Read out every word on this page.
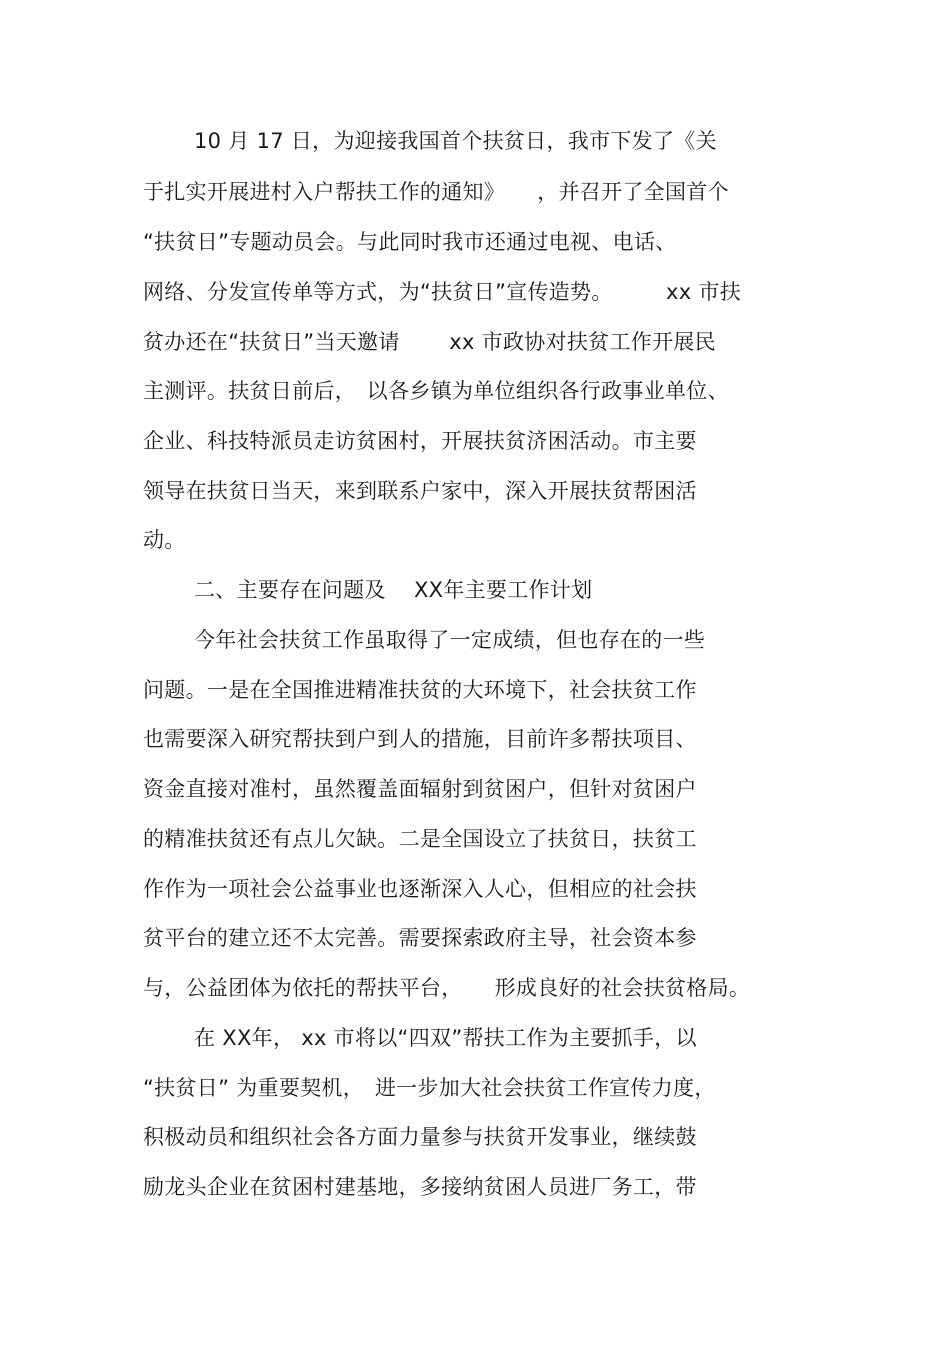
10 月 17 日，为迎接我国首个扶贫日，我市下发了《关
于扎实开展进村入户帮扶工作的通知》　　，并召开了全国首个
“扶贫日”专题动员会。与此同时我市还通过电视、电话、
网络、分发宣传单等方式，为“扶贫日”宣传造势。　　　xx 市扶
贫办还在“扶贫日”当天邀请　　 xx 市政协对扶贫工作开展民
主测评。扶贫日前后，　以各乡镇为单位组织各行政事业单位、
企业、科技特派员走访贫困村，开展扶贫济困活动。市主要
领导在扶贫日当天，来到联系户家中，深入开展扶贫帮困活
动。
二、主要存在问题及　 XX年主要工作计划
今年社会扶贫工作虽取得了一定成绩，但也存在的一些
问题。一是在全国推进精准扶贫的大环境下，社会扶贫工作
也需要深入研究帮扶到户到人的措施，目前许多帮扶项目、
资金直接对准村，虽然覆盖面辐射到贫困户，但针对贫困户
的精准扶贫还有点儿欠缺。二是全国设立了扶贫日，扶贫工
作作为一项社会公益事业也逐渐深入人心，但相应的社会扶
贫平台的建立还不太完善。需要探索政府主导，社会资本参
与，公益团体为依托的帮扶平台，　　形成良好的社会扶贫格局。
在 XX年， xx 市将以“四双”帮扶工作为主要抓手，以
“扶贫日” 为重要契机，　进一步加大社会扶贫工作宣传力度，
积极动员和组织社会各方面力量参与扶贫开发事业，继续鼓
励龙头企业在贫困村建基地，多接纳贫困人员进厂务工，带
